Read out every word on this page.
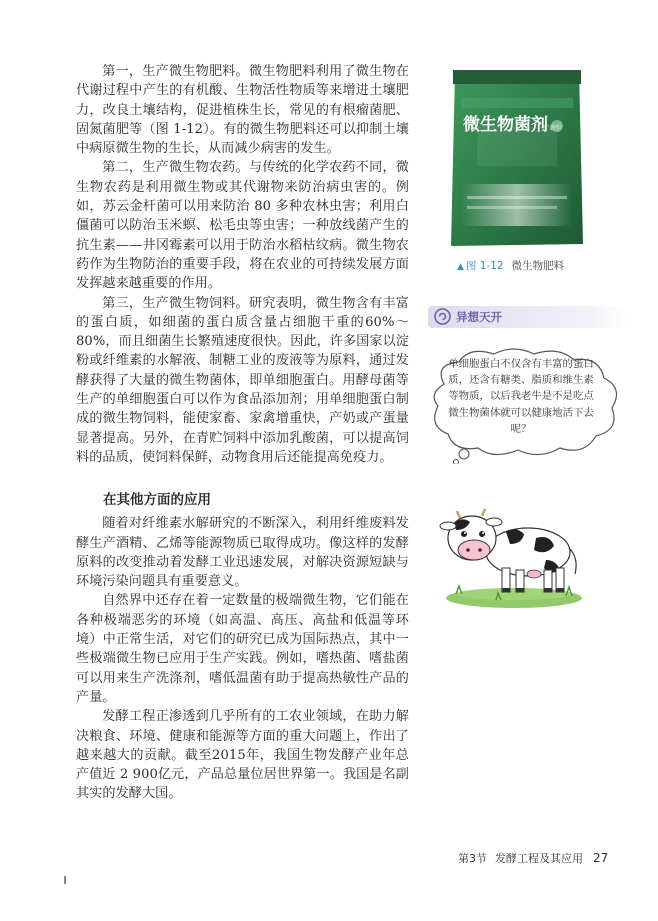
第一，生产微生物肥料。微生物肥料利用了微生物在代谢过程中产生的有机酸、生物活性物质等来增进土壤肥力，改良土壤结构，促进植株生长，常见的有根瘤菌肥、固氮菌肥等（图 1-12）。有的微生物肥料还可以抑制土壤中病原微生物的生长，从而减少病害的发生。

第二，生产微生物农药。与传统的化学农药不同，微生物农药是利用微生物或其代谢物来防治病虫害的。例如，苏云金杆菌可以用来防治 80 多种农林虫害；利用白僵菌可以防治玉米螟、松毛虫等虫害；一种放线菌产生的抗生素——井冈霉素可以用于防治水稻枯纹病。微生物农药作为生物防治的重要手段，将在农业的可持续发展方面发挥越来越重要的作用。

第三，生产微生物饲料。研究表明，微生物含有丰富的蛋白质，如细菌的蛋白质含量占细胞干重的60%～80%，而且细菌生长繁殖速度很快。因此，许多国家以淀粉或纤维素的水解液、制糖工业的废液等为原料，通过发酵获得了大量的微生物菌体，即单细胞蛋白。用酵母菌等生产的单细胞蛋白可以作为食品添加剂；用单细胞蛋白制成的微生物饲料，能使家畜、家禽增重快，产奶或产蛋量显著提高。另外，在青贮饲料中添加乳酸菌，可以提高饲料的品质，使饲料保鲜，动物食用后还能提高免疫力。

在其他方面的应用

随着对纤维素水解研究的不断深入，利用纤维废料发酵生产酒精、乙烯等能源物质已取得成功。像这样的发酵原料的改变推动着发酵工业迅速发展，对解决资源短缺与环境污染问题具有重要意义。

自然界中还存在着一定数量的极端微生物，它们能在各种极端恶劣的环境（如高温、高压、高盐和低温等环境）中正常生活，对它们的研究已成为国际热点，其中一些极端微生物已应用于生产实践。例如，嗜热菌、嗜盐菌可以用来生产洗涤剂，嗜低温菌有助于提高热敏性产品的产量。

发酵工程正渗透到几乎所有的工农业领域，在助力解决粮食、环境、健康和能源等方面的重大问题上，作出了越来越大的贡献。截至2015年，我国生物发酵产业年总产值近 2 900亿元，产品总量位居世界第一。我国是名副其实的发酵大国。

微生物菌剂
广谱型
▲ 图 1-12 微生物肥料
异想天开
单细胞蛋白不仅含有丰富的蛋白质，还含有糖类、脂质和维生素等物质，以后我老牛是不是吃点微生物菌体就可以健康地活下去呢？
第3节 发酵工程及其应用 27
